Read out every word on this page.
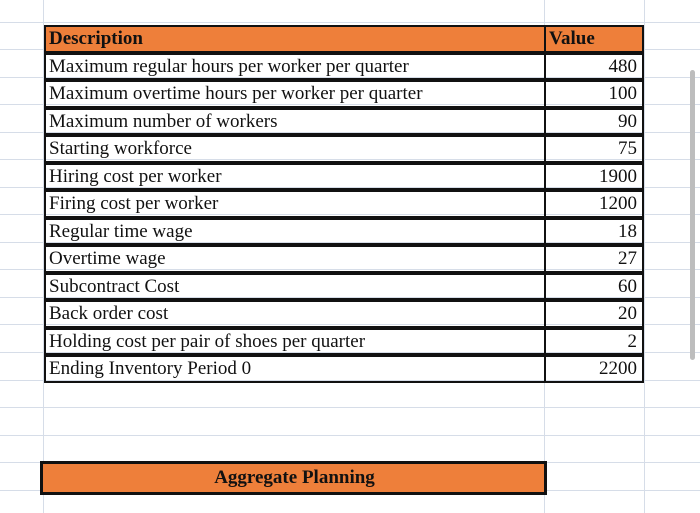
Description	Value
Maximum regular hours per worker per quarter	480
Maximum overtime hours per worker per quarter	100
Maximum number of workers	90
Starting workforce	75
Hiring cost per worker	1900
Firing cost per worker	1200
Regular time wage	18
Overtime wage	27
Subcontract Cost	60
Back order cost	20
Holding cost per pair of shoes per quarter	2
Ending Inventory Period 0	2200
Aggregate Planning
